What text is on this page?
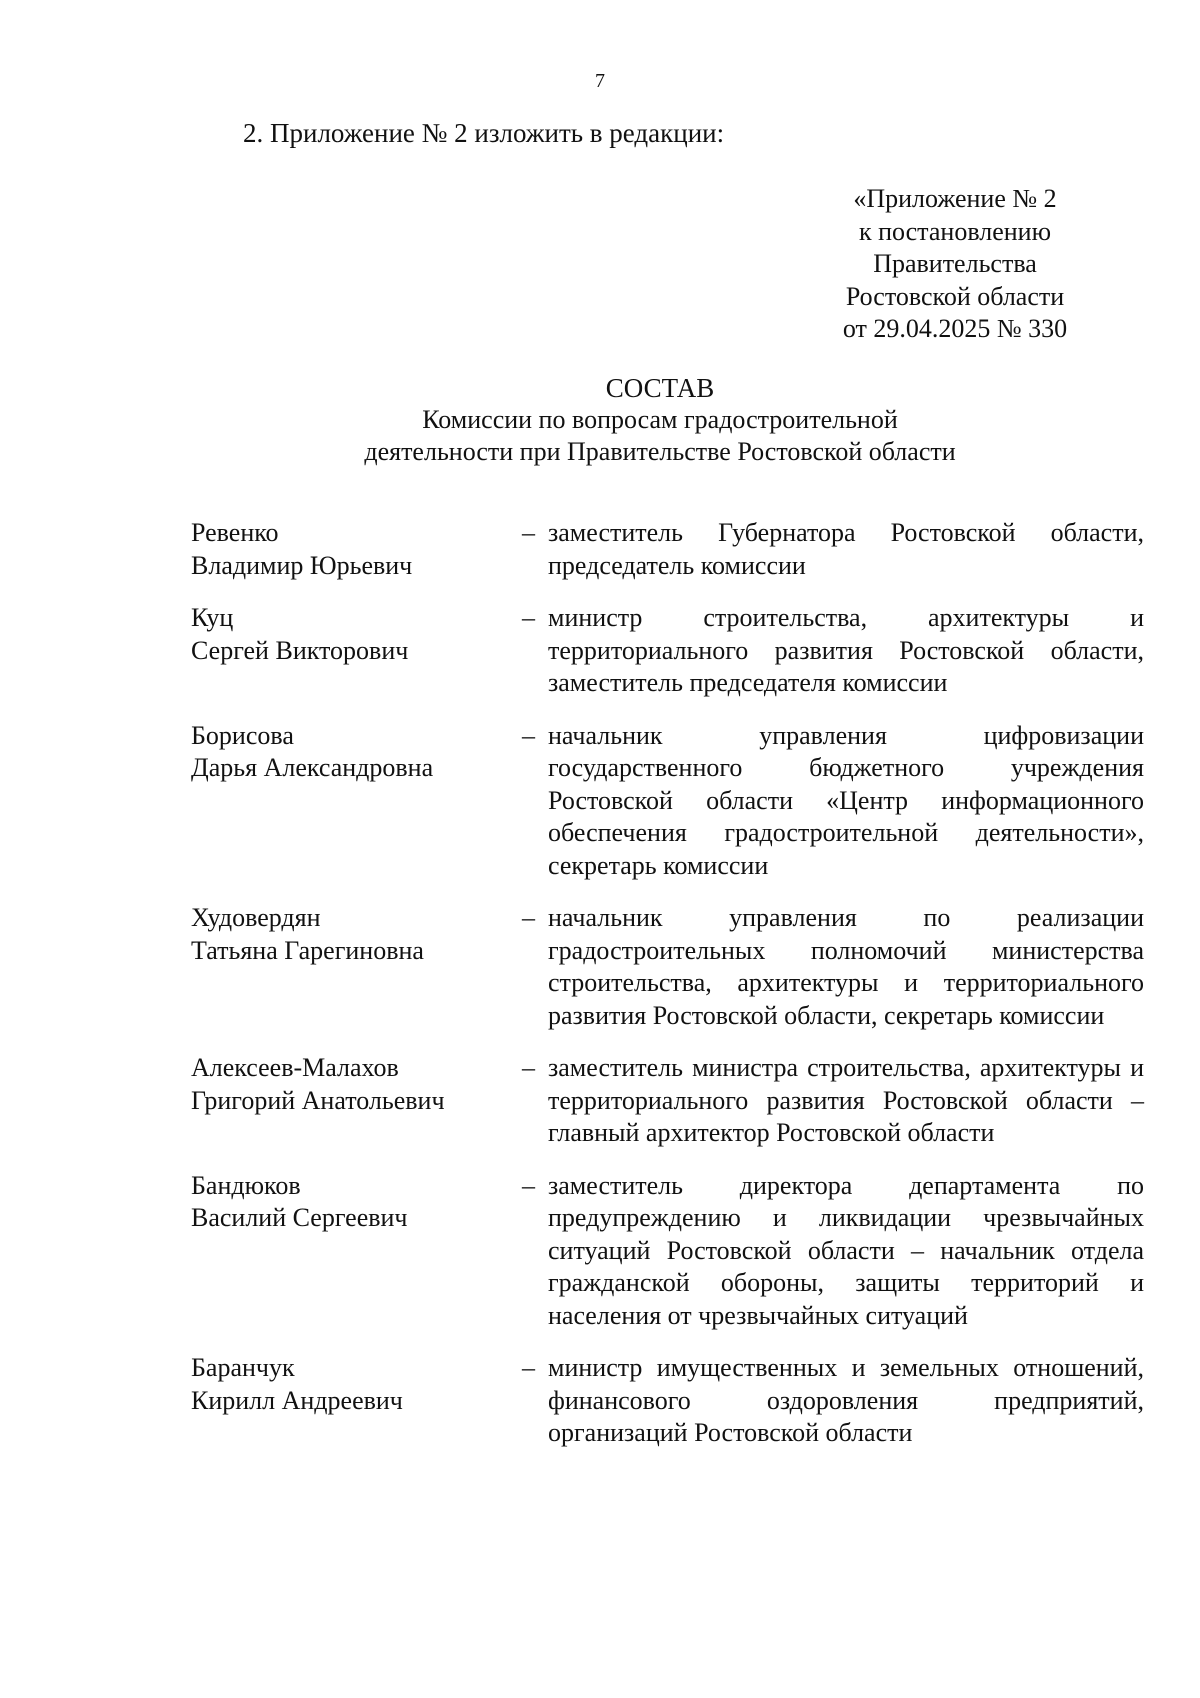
7
2. Приложение № 2 изложить в редакции:
«Приложение № 2
к постановлению
Правительства
Ростовской области
от 29.04.2025 № 330
СОСТАВ
Комиссии по вопросам градостроительной
деятельности при Правительстве Ростовской области
Ревенко
Владимир Юрьевич
– заместитель Губернатора Ростовской области, председатель комиссии
Куц
Сергей Викторович
– министр строительства, архитектуры и территориального развития Ростовской области, заместитель председателя комиссии
Борисова
Дарья Александровна
– начальник управления цифровизации государственного бюджетного учреждения Ростовской области «Центр информационного обеспечения градостроительной деятельности», секретарь комиссии
Худовердян
Татьяна Гарегиновна
– начальник управления по реализации градостроительных полномочий министерства строительства, архитектуры и территориального развития Ростовской области, секретарь комиссии
Алексеев-Малахов
Григорий Анатольевич
– заместитель министра строительства, архитектуры и территориального развития Ростовской области – главный архитектор Ростовской области
Бандюков
Василий Сергеевич
– заместитель директора департамента по предупреждению и ликвидации чрезвычайных ситуаций Ростовской области – начальник отдела гражданской обороны, защиты территорий и населения от чрезвычайных ситуаций
Баранчук
Кирилл Андреевич
– министр имущественных и земельных отношений, финансового оздоровления предприятий, организаций Ростовской области
